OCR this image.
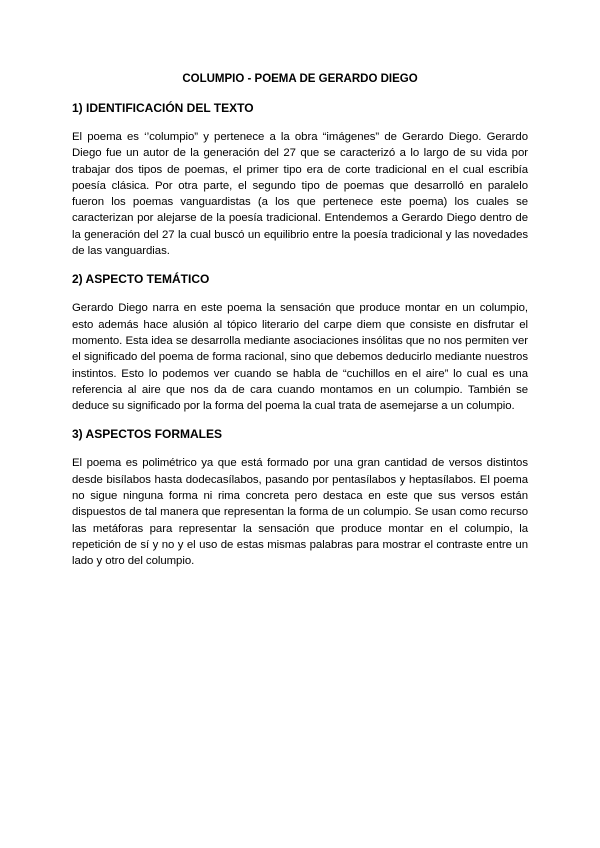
COLUMPIO - POEMA DE GERARDO DIEGO
1) IDENTIFICACIÓN DEL TEXTO

El poema es ‘’columpio” y pertenece a la obra “imágenes” de Gerardo Diego. Gerardo Diego fue un autor de la generación del 27 que se caracterizó a lo largo de su vida por trabajar dos tipos de poemas, el primer tipo era de corte tradicional en el cual escribía poesía clásica. Por otra parte, el segundo tipo de poemas que desarrolló en paralelo fueron los poemas vanguardistas (a los que pertenece este poema) los cuales se caracterizan por alejarse de la poesía tradicional. Entendemos a Gerardo Diego dentro de la generación del 27 la cual buscó un equilibrio entre la poesía tradicional y las novedades de las vanguardias.

2) ASPECTO TEMÁTICO

Gerardo Diego narra en este poema la sensación que produce montar en un columpio, esto además hace alusión al tópico literario del carpe diem que consiste en disfrutar el momento. Esta idea se desarrolla mediante asociaciones insólitas que no nos permiten ver el significado del poema de forma racional, sino que debemos deducirlo mediante nuestros instintos. Esto lo podemos ver cuando se habla de “cuchillos en el aire” lo cual es una referencia al aire que nos da de cara cuando montamos en un columpio. También se deduce su significado por la forma del poema la cual trata de asemejarse a un columpio.

3) ASPECTOS FORMALES

El poema es polimétrico ya que está formado por una gran cantidad de versos distintos desde bisílabos hasta dodecasílabos, pasando por pentasílabos y heptasílabos. El poema no sigue ninguna forma ni rima concreta pero destaca en este que sus versos están dispuestos de tal manera que representan la forma de un columpio. Se usan como recurso las metáforas para representar la sensación que produce montar en el columpio, la repetición de sí y no y el uso de estas mismas palabras para mostrar el contraste entre un lado y otro del columpio.
